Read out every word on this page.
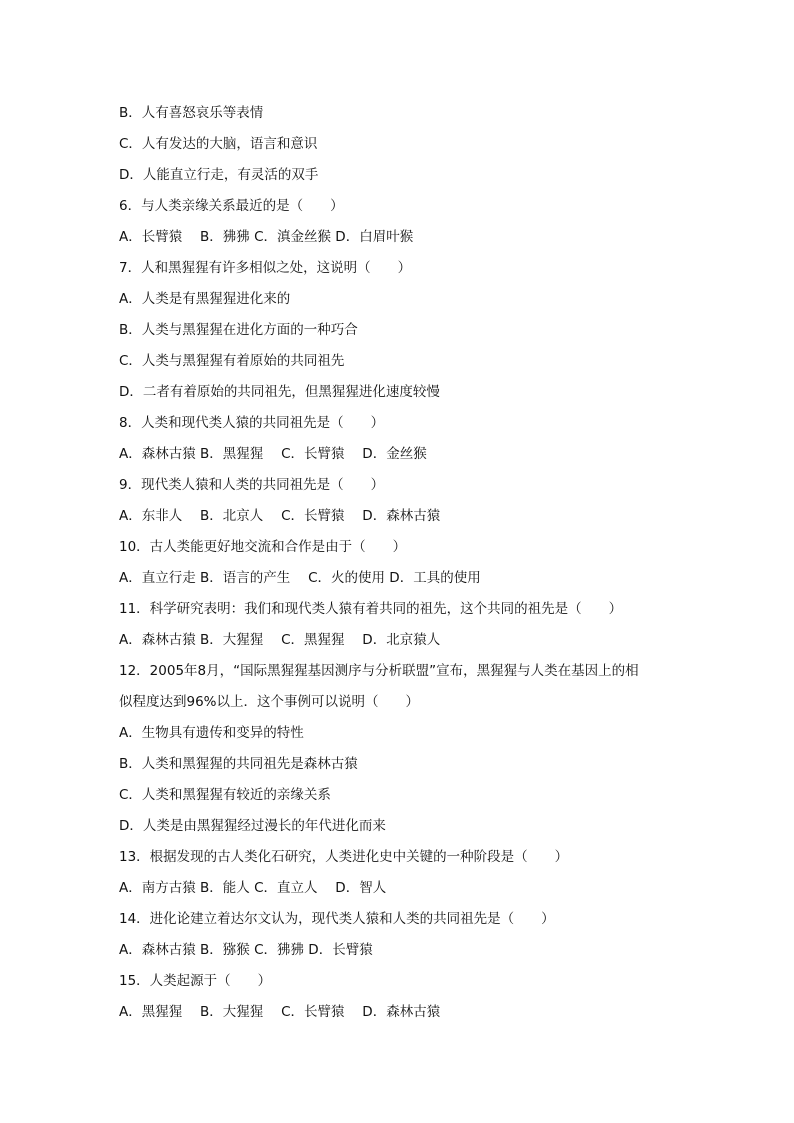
B．人有喜怒哀乐等表情
C．人有发达的大脑，语言和意识
D．人能直立行走，有灵活的双手
6．与人类亲缘关系最近的是（　　）
A．长臂猿　 B．狒狒 C．滇金丝猴 D．白眉叶猴
7．人和黑猩猩有许多相似之处，这说明（　　）
A．人类是有黑猩猩进化来的
B．人类与黑猩猩在进化方面的一种巧合
C．人类与黑猩猩有着原始的共同祖先
D．二者有着原始的共同祖先，但黑猩猩进化速度较慢
8．人类和现代类人猿的共同祖先是（　　）
A．森林古猿 B．黑猩猩　 C．长臂猿　 D．金丝猴
9．现代类人猿和人类的共同祖先是（　　）
A．东非人　 B．北京人　 C．长臂猿　 D．森林古猿
10．古人类能更好地交流和合作是由于（　　）
A．直立行走 B．语言的产生　 C．火的使用 D．工具的使用
11．科学研究表明：我们和现代类人猿有着共同的祖先，这个共同的祖先是（　　）
A．森林古猿 B．大猩猩　 C．黑猩猩　 D．北京猿人
12．2005年8月，“国际黑猩猩基因测序与分析联盟”宣布，黑猩猩与人类在基因上的相
似程度达到96%以上．这个事例可以说明（　　）
A．生物具有遗传和变异的特性
B．人类和黑猩猩的共同祖先是森林古猿
C．人类和黑猩猩有较近的亲缘关系
D．人类是由黑猩猩经过漫长的年代进化而来
13．根据发现的古人类化石研究，人类进化史中关键的一种阶段是（　　）
A．南方古猿 B．能人 C．直立人　 D．智人
14．进化论建立着达尔文认为，现代类人猿和人类的共同祖先是（　　）
A．森林古猿 B．猕猴 C．狒狒 D．长臂猿
15．人类起源于（　　）
A．黑猩猩　 B．大猩猩　 C．长臂猿　 D．森林古猿
